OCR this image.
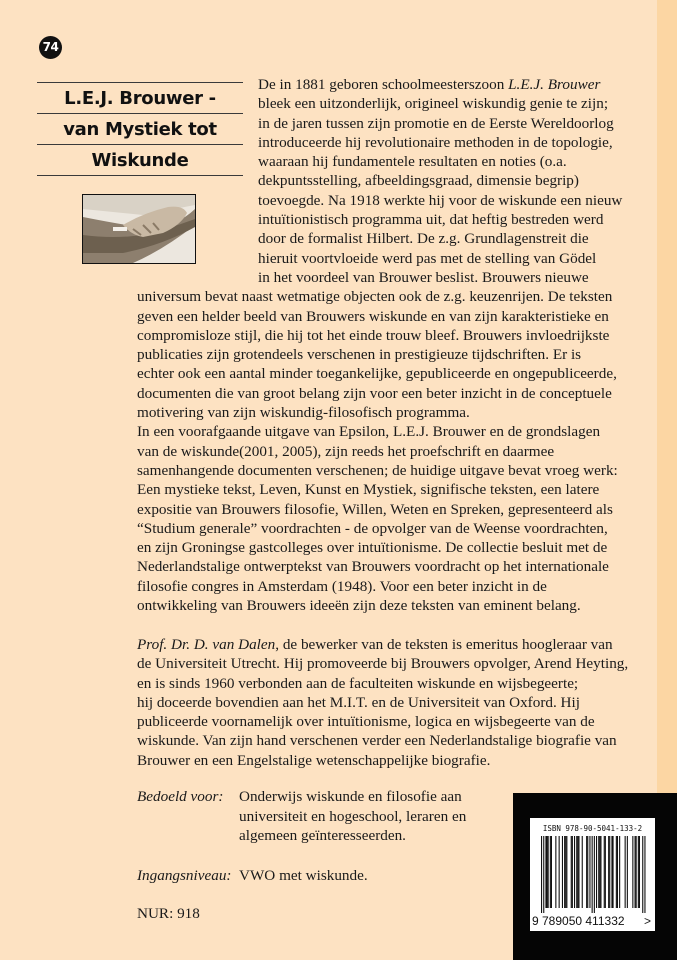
74
L.E.J. Brouwer -
van Mystiek tot
Wiskunde
De in 1881 geboren schoolmeesterszoon L.E.J. Brouwer
bleek een uitzonderlijk, origineel wiskundig genie te zijn;
in de jaren tussen zijn promotie en de Eerste Wereldoorlog
introduceerde hij revolutionaire methoden in de topologie,
waaraan hij fundamentele resultaten en noties (o.a.
dekpuntsstelling, afbeeldingsgraad, dimensie begrip)
toevoegde. Na 1918 werkte hij voor de wiskunde een nieuw
intuïtionistisch programma uit, dat heftig bestreden werd
door de formalist Hilbert. De z.g. Grundlagenstreit die
hieruit voortvloeide werd pas met de stelling van Gödel
in het voordeel van Brouwer beslist. Brouwers nieuwe
universum bevat naast wetmatige objecten ook de z.g. keuzenrijen. De teksten
geven een helder beeld van Brouwers wiskunde en van zijn karakteristieke en
compromisloze stijl, die hij tot het einde trouw bleef. Brouwers invloedrijkste
publicaties zijn grotendeels verschenen in prestigieuze tijdschriften. Er is
echter ook een aantal minder toegankelijke, gepubliceerde en ongepubliceerde,
documenten die van groot belang zijn voor een beter inzicht in de conceptuele
motivering van zijn wiskundig-filosofisch programma.
In een voorafgaande uitgave van Epsilon, L.E.J. Brouwer en de grondslagen
van de wiskunde(2001, 2005), zijn reeds het proefschrift en daarmee
samenhangende documenten verschenen; de huidige uitgave bevat vroeg werk:
Een mystieke tekst, Leven, Kunst en Mystiek, signifische teksten, een latere
expositie van Brouwers filosofie, Willen, Weten en Spreken, gepresenteerd als
“Studium generale” voordrachten - de opvolger van de Weense voordrachten,
en zijn Groningse gastcolleges over intuïtionisme. De collectie besluit met de
Nederlandstalige ontwerptekst van Brouwers voordracht op het internationale
filosofie congres in Amsterdam (1948). Voor een beter inzicht in de
ontwikkeling van Brouwers ideeën zijn deze teksten van eminent belang.
Prof. Dr. D. van Dalen, de bewerker van de teksten is emeritus hoogleraar van
de Universiteit Utrecht. Hij promoveerde bij Brouwers opvolger, Arend Heyting,
en is sinds 1960 verbonden aan de faculteiten wiskunde en wijsbegeerte;
hij doceerde bovendien aan het M.I.T. en de Universiteit van Oxford. Hij
publiceerde voornamelijk over intuïtionisme, logica en wijsbegeerte van de
wiskunde. Van zijn hand verschenen verder een Nederlandstalige biografie van
Brouwer en een Engelstalige wetenschappelijke biografie.
Bedoeld voor: Onderwijs wiskunde en filosofie aan
universiteit en hogeschool, leraren en
algemeen geïnteresseerden.
Ingangsniveau: VWO met wiskunde.
NUR: 918
ISBN 978-90-5041-133-2
9 789050 411332 >
